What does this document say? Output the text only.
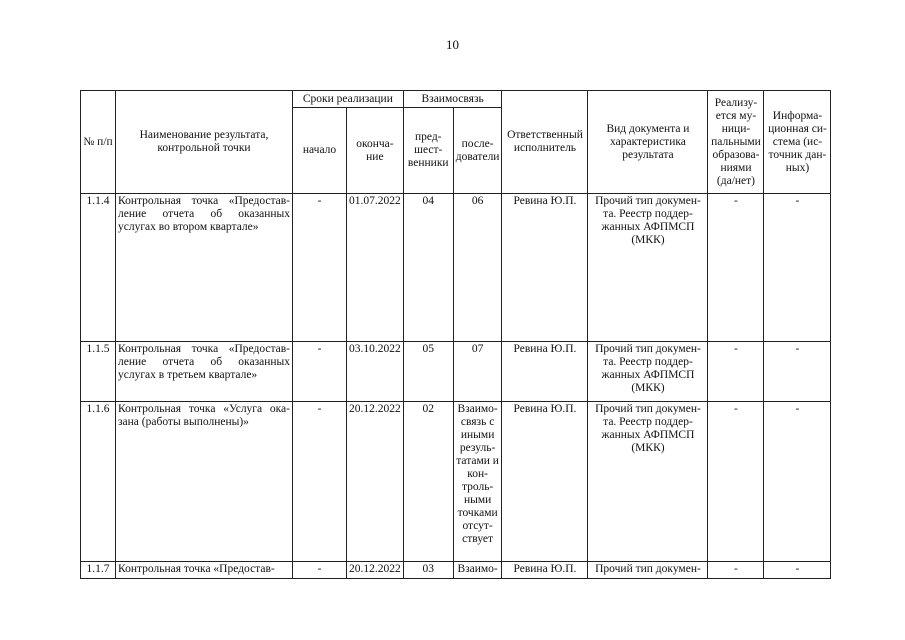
10
№ п/п	Наименование результата, контрольной точки	Сроки реализации		Взаимосвязь		Ответственный исполнитель	Вид документа и характеристика результата	Реализу-ется му-ници-пальными образова-ниями (да/нет)	Информа-ционная си-стема (ис-точник дан-ных)
		начало	оконча-ние	пред-шест-венники	после-дователи				
1.1.4	Контрольная точка «Предостав-ление отчета об оказанных услугах во втором квартале»	-	01.07.2022	04	06	Ревина Ю.П.	Прочий тип докумен-та. Реестр поддер-жанных АФПМСП (МКК)	-	-
1.1.5	Контрольная точка «Предостав-ление отчета об оказанных услугах в третьем квартале»	-	03.10.2022	05	07	Ревина Ю.П.	Прочий тип докумен-та. Реестр поддер-жанных АФПМСП (МКК)	-	-
1.1.6	Контрольная точка «Услуга ока-зана (работы выполнены)»	-	20.12.2022	02	Взаимо-связь с иными резуль-татами и кон-троль-ными точками отсут-ствует	Ревина Ю.П.	Прочий тип докумен-та. Реестр поддер-жанных АФПМСП (МКК)	-	-
1.1.7	Контрольная точка «Предостав-	-	20.12.2022	03	Взаимо-	Ревина Ю.П.	Прочий тип докумен-	-	-
